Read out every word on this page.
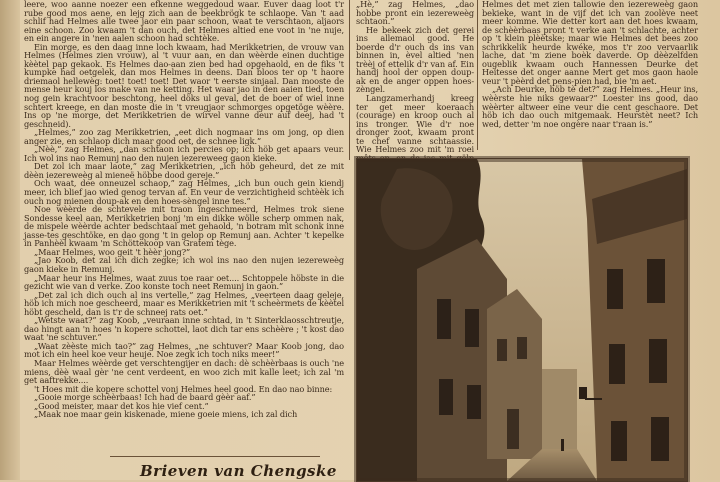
leere, woo aanne noezer een efkenne weggedoud waar. Euver daag loot t'r rube good mos aene, en lejg zich aan de beekbrögk te schlaope. Van 't aad schlif had Helmes alle twee jaor ein paar schoon, waat te verschtaon, aljaors eine schoon. Zoo kwaam 't dan ouch, det Helmes altied ene voot in 'ne nuje, en ein angere in 'nen aalen schoon had schtèke.

Ein morge, es den daag inne loch kwaam, had Merikketrien, de vrouw van Helmes (Helmes zien vrouw), al 't vuur aan, en dan wèèrde einen duchtige kèètel pap gekaok. Es Helmes dao-aan zien bed had opgehaold, en de fiks 't kumpke had oetgelek, dan mos Helmes in deens. Dan bloos ter op 't haore driemaol hellewèg: toet! toet! toet! Det waor 't eerste sinjaal. Dan mooste de mense heur kouj los make van ne ketting. Het waar jao in den aaien tied, toen nog gein krachtvoor beschtong, heel döks ul geval, det de boer of wiel inne schtert kreege, en dan moste die in 't vreugjaor schmorges opgetöge wèère. Ins op 'ne morge, det Merikketrien de wirvel vanne deur auf deej, had 't geschneid).

„Helmes,” zoo zag Merikketrien, „eet dich nogmaar ins om jong, op dien anger zie, en schlaop dich maar good oet, de schnee ligk.”

„Nèè,” zag Helmes, „dan schtaon ich percies op; ich höb get apaars veur. Ich wol ins nao Remunj nao den nujen iezereweeg gaon kieke.

Det zol ich maar laote,” zag Merikketrien, „ich höb geheurd, det ze mit dèèn iezereweèg al mieneë höbbe dood gereje.”

Och waat, dee onneuzel schaop,” zag Helmes, „ich bun ouch gein kiendj meer, ich blief jao wied genog tervan af. En veur de verzichtigheid schtèèk ich ouch nog mienen doup-ak en den hoes-sèngel inne tes.”

Noe wèèrde de schtevele mit traon ingeschmeerd, Helmes trok siene Sondesse keel aan, Merikketrien bonj 'm ein dikke wölle scherp ommen nak, de mispele wèèrde achter bedschtaal met gehaold, 'n botram mit schonk inne jasse-tes geschtöke, en dao gong 't in gelop op Remunj aan. Achter 't kepelke in Panhèèl kwaam 'm Schöttekoop van Gratem tège.

„Maar Helmes, woo geit 't hèèr jong?”

„Jao Koob, det zal ich dich zegke; ich wol ins nao den nujen iezereweèg gaon kieke in Remunj.

„Maar heur ins Helmes, waat zuus toe raar oet.... Schtoppele höbste in die gezicht wie van d verke. Zoo konste toch neet Remunj in gaon.”

„Det zal ich dich ouch al ins vertelle,” zag Helmes, „veerteen daag geleje, höb ich mich noe gescheerd, maar es Merikketrien mit 't scheèrmets de kèètel höbt gescheld, dan is t'r de schneej rats oet.”

„Wetste waat?” zag Koob, „veuraan inne schtad, in 't Sinterklaosschtreutje, dao hingt aan 'n hoes 'n kopere schottel, laot dich tar ens schèère ; 't kost dao waat 'ne schtuver.”

„Waat zèèste mich tao?” zag Helmes, „ne schtuver? Maar Koob jong, dao mot ich ein heel koe veur heuje. Noe zegk ich toch niks meer!”

Maar Helmes wèèrde get verschtengijer en dach: dè schèèrbaas is ouch 'ne miens, dèè waal gèr 'ne cent verdeent, en woo zich mit kalle leet; ich zal 'm get aaftrekke....

't Hoes mit die kopere schottel vonj Helmes heel good. En dao nao binne:

„Gooie morge schèèrbaas! Ich had de baard gèèr aaf.”

„Good meister, maar det kos hie vief cent.”

„Maak noe maar gein kiskenade, miene goeie miens, ich zal dich

„Hè,” zag Helmes, „dao hobbe pront ein iezereweèg schtaon.”

He bekeek zich det gerei ins allemaol good. He boerde d'r ouch ds ins van binnen in, èvel altied 'nen trèèj of ettelik d'r van af. Ein handj hool der oppen doup-ak en de anger oppen hoes-zèngel.

Langzamerhandj kreeg ter get meer koeraach (courage) en kroop ouch al ins tronger. Wie d'r noe dronger zoot, kwaam pront te chef vanne schtaassie. Wie Helmes zoo mit 'm roei

Helmes det met zien tallowie den iezereweèg gaon bekieke, want in de vijf det ich van zoolève neet meer komme. Wie detter kort aan det hoes kwaam, de schèèrbaas pront 't verke aan 't schlachte, achter op 't klein plèètske; maar wie Helmes det bees zoo schrikkelik heurde kwéke, mos t'r zoo vervaarlik lache, dat 'm ziene boèk daverde. Op dèèzelfden ougeblik kwaam ouch Hannessen Deurke det Heitesse det onger aanne Mert get mos gaon haole veur 't pèèrd det pens-pien had, bie 'm aet.

„Ach Deurke, höb tè det?” zag Helmes. „Heur ins, wèèrste hie niks gewaar?” Loester ins good, dao wèèrter altweer eine veur die cent geschaore. Det höb ich dao ouch mitgemaak. Heurstèt neet? Ich wed, detter 'm noe ongère naar t'raan is.”

Brieven van Chengske
